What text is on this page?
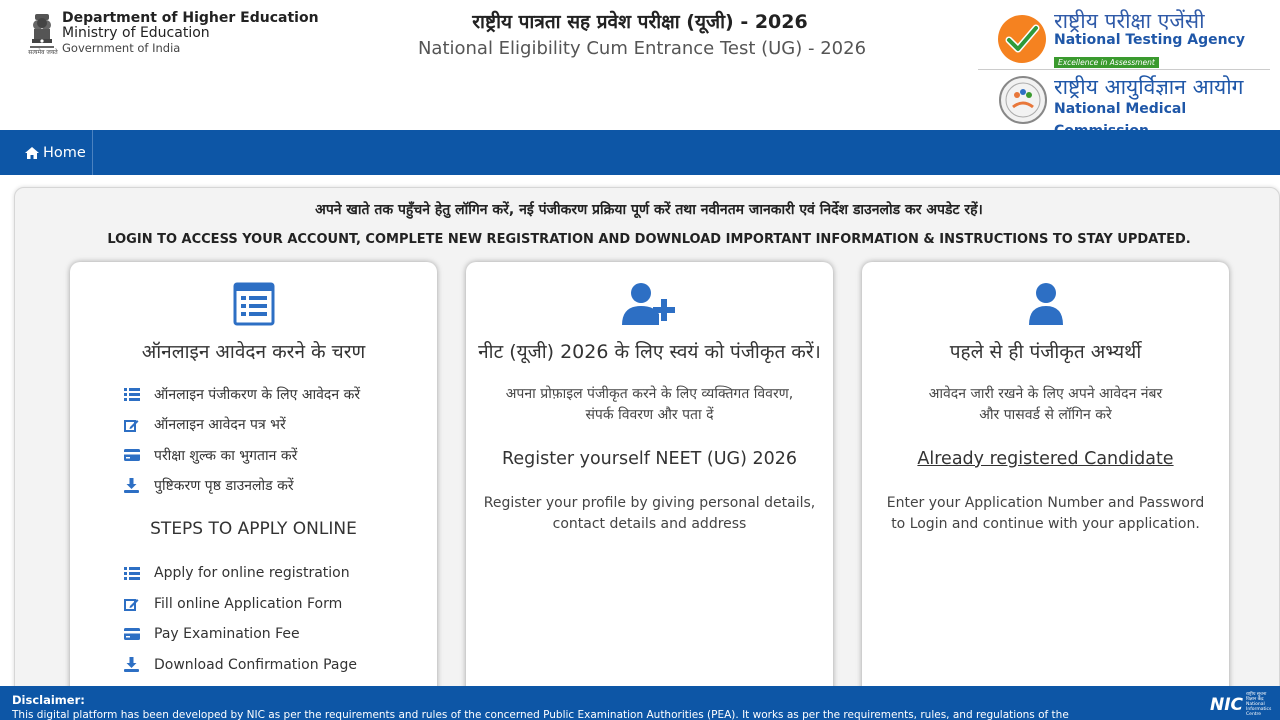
सत्यमेव जयते
Department of Higher Education
Ministry of Education
Government of India
राष्ट्रीय पात्रता सह प्रवेश परीक्षा (यूजी) - 2026
National Eligibility Cum Entrance Test (UG) - 2026
राष्ट्रीय परीक्षा एजेंसी
National Testing Agency
Excellence in Assessment
राष्ट्रीय आयुर्विज्ञान आयोग
National Medical
Home
अपने खाते तक पहुँचने हेतु लॉगिन करें, नई पंजीकरण प्रक्रिया पूर्ण करें तथा नवीनतम जानकारी एवं निर्देश डाउनलोड कर अपडेट रहें।
LOGIN TO ACCESS YOUR ACCOUNT, COMPLETE NEW REGISTRATION AND DOWNLOAD IMPORTANT INFORMATION & INSTRUCTIONS TO STAY UPDATED.
ऑनलाइन आवेदन करने के चरण
ऑनलाइन पंजीकरण के लिए आवेदन करें
ऑनलाइन आवेदन पत्र भरें
परीक्षा शुल्क का भुगतान करें
पुष्टिकरण पृष्ठ डाउनलोड करें
STEPS TO APPLY ONLINE
Apply for online registration
Fill online Application Form
Pay Examination Fee
Download Confirmation Page
नीट (यूजी) 2026 के लिए स्वयं को पंजीकृत करें।
अपना प्रोफ़ाइल पंजीकृत करने के लिए व्यक्तिगत विवरण, संपर्क विवरण और पता दें
Register yourself NEET (UG) 2026
Register your profile by giving personal details, contact details and address
पहले से ही पंजीकृत अभ्यर्थी
आवेदन जारी रखने के लिए अपने आवेदन नंबर और पासवर्ड से लॉगिन करे
Already registered Candidate
Enter your Application Number and Password to Login and continue with your application.
Disclaimer:
This digital platform has been developed by NIC as per the requirements and rules of the concerned Public Examination Authorities (PEA). It works as per the requirements, rules, and regulations of the
NIC राष्ट्रीय सूचना विज्ञान केंद्र National Informatics Centre
